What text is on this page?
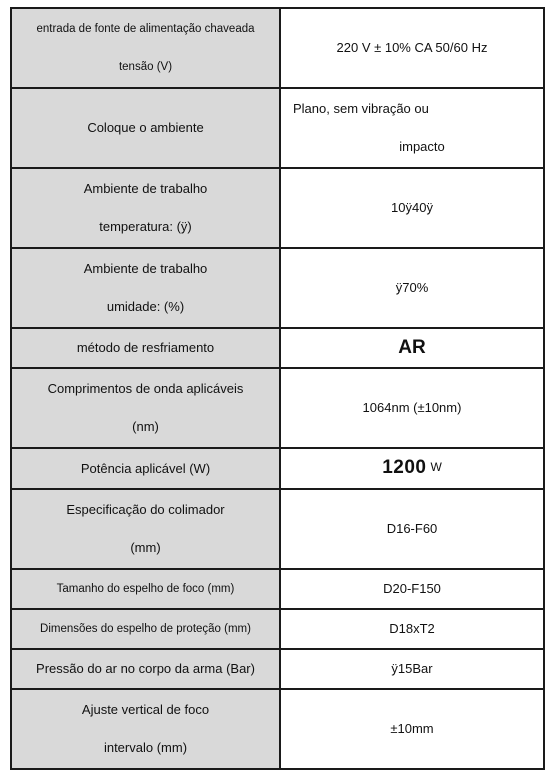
entrada de fonte de alimentação chaveada
tensão (V)	220 V ± 10% CA 50/60 Hz
Coloque o ambiente	Plano, sem vibração ou
impacto

Ambiente de trabalho
temperatura: (ÿ)	10ÿ40ÿ

Ambiente de trabalho
umidade: (%)	ÿ70%
método de resfriamento	AR

Comprimentos de onda aplicáveis
(nm)	1064nm (±10nm)
Potência aplicável (W)	1200 W

Especificação do colimador
(mm)	D16-F60
Tamanho do espelho de foco (mm)	D20-F150
Dimensões do espelho de proteção (mm)	D18xT2
Pressão do ar no corpo da arma (Bar)	ÿ15Bar

Ajuste vertical de foco
intervalo (mm)	±10mm
